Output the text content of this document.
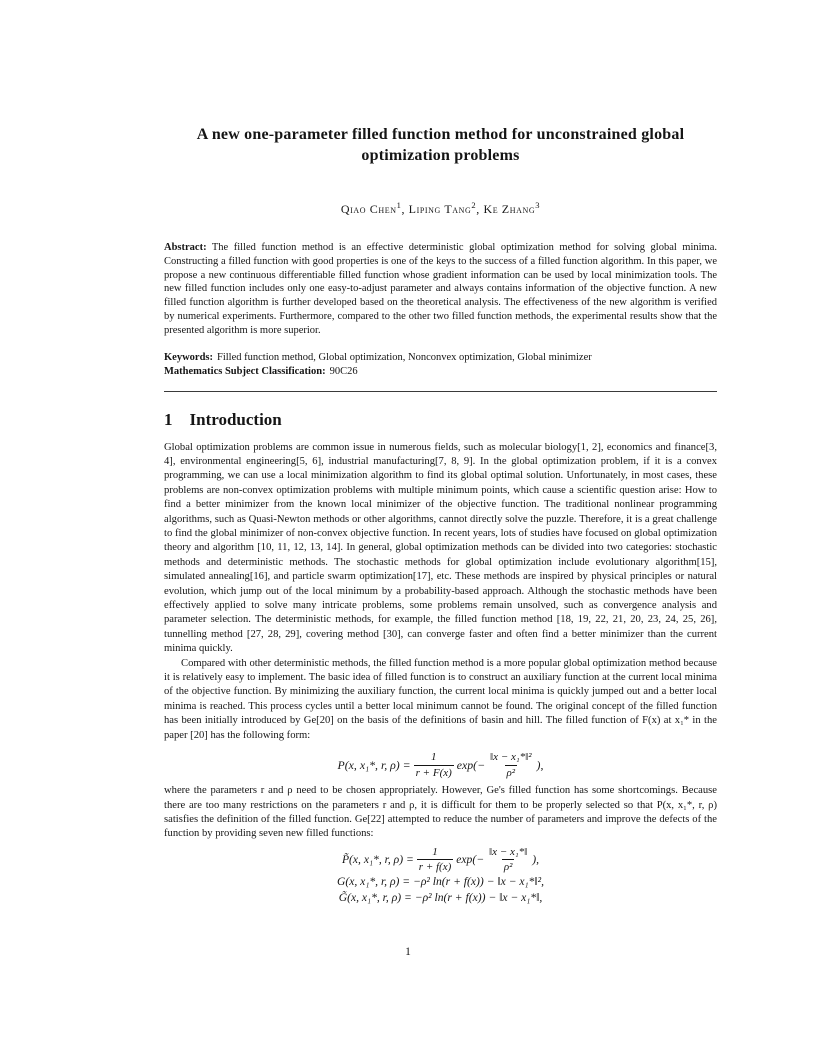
A new one-parameter filled function method for unconstrained global optimization problems
Qiao Chen$^1$, Liping Tang$^2$, Ke Zhang$^3$

Abstract: The filled function method is an effective deterministic global optimization method for solving global minima. Constructing a filled function with good properties is one of the keys to the success of a filled function algorithm. In this paper, we propose a new continuous differentiable filled function whose gradient information can be used by local minimization tools. The new filled function includes only one easy-to-adjust parameter and always contains information of the objective function. A new filled function algorithm is further developed based on the theoretical analysis. The effectiveness of the new algorithm is verified by numerical experiments. Furthermore, compared to the other two filled function methods, the experimental results show that the presented algorithm is more superior.

Keywords: Filled function method, Global optimization, Nonconvex optimization, Global minimizer
Mathematics Subject Classification: 90C26
1 Introduction

Global optimization problems are common issue in numerous fields, such as molecular biology[1, 2], economics and finance[3, 4], environmental engineering[5, 6], industrial manufacturing[7, 8, 9]. In the global optimization problem, if it is a convex programming, we can use a local minimization algorithm to find its global optimal solution. Unfortunately, in most cases, these problems are non-convex optimization problems with multiple minimum points, which cause a scientific question arise: How to find a better minimizer from the known local minimizer of the objective function. The traditional nonlinear programming algorithms, such as Quasi-Newton methods or other algorithms, cannot directly solve the puzzle. Therefore, it is a great challenge to find the global minimizer of non-convex objective function. In recent years, lots of studies have focused on global optimization theory and algorithm [10, 11, 12, 13, 14]. In general, global optimization methods can be divided into two categories: stochastic methods and deterministic methods. The stochastic methods for global optimization include evolutionary algorithm[15], simulated annealing[16], and particle swarm optimization[17], etc. These methods are inspired by physical principles or natural evolution, which jump out of the local minimum by a probability-based approach. Although the stochastic methods have been effectively applied to solve many intricate problems, some problems remain unsolved, such as convergence analysis and parameter selection. The deterministic methods, for example, the filled function method [18, 19, 22, 21, 20, 23, 24, 25, 26], tunnelling method [27, 28, 29], covering method [30], can converge faster and often find a better minimizer than the current minima quickly.

Compared with other deterministic methods, the filled function method is a more popular global optimization method because it is relatively easy to implement. The basic idea of filled function is to construct an auxiliary function at the current local minima of the objective function. By minimizing the auxiliary function, the current local minima is quickly jumped out and a better local minima is reached. This process cycles until a better local minimum cannot be found. The original concept of the filled function has been initially introduced by Ge[20] on the basis of the definitions of basin and hill. The filled function of F(x) at x₁* in the paper [20] has the following form:

P(x, x₁*, r, $\rho) = \frac{1}{r + F(x)} \exp(- \frac{\text{‖x − x₁*‖²}}{\text{ρ²}}$ ),

where the parameters r and ρ need to be chosen appropriately. However, Ge's filled function has some shortcomings. Because there are too many restrictions on the parameters r and ρ, it is difficult for them to be properly selected so that P(x, x₁*, r, ρ) satisfies the definition of the filled function. Ge[22] attempted to reduce the number of parameters and improve the defects of the function by providing seven new filled functions:

P̃(x, x₁*, r, $\rho) = \frac{1}{r + f(x)} \exp(- \frac{\text{‖x − x₁*‖}}{\text{ρ²}}$ ),
G(x, x₁*, r, ρ) = −ρ² ln(r + f(x)) − ‖x − x₁*‖²,
G̃(x, x₁*, r, ρ) = −ρ² ln(r + f(x)) − ‖x − x₁*‖,
1
